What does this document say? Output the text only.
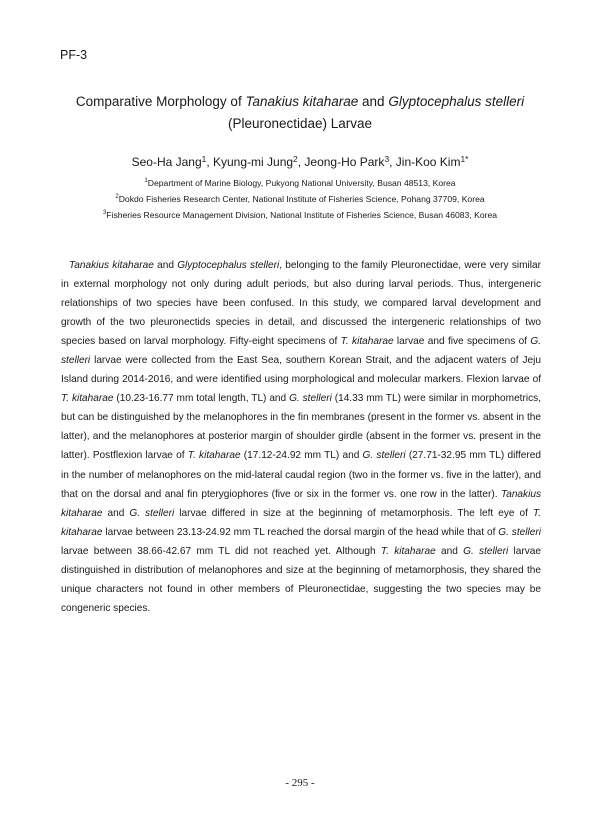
PF-3
Comparative Morphology of Tanakius kitaharae and Glyptocephalus stelleri
(Pleuronectidae) Larvae
Seo-Ha Jang$^1$, Kyung-mi Jung$^2$, Jeong-Ho Park$^3$, Jin-Koo Kim$^{1*}$
$^1$Department of Marine Biology, Pukyong National University, Busan 48513, Korea
$^2$Dokdo Fisheries Research Center, National Institute of Fisheries Science, Pohang 37709, Korea
$^3$Fisheries Resource Management Division, National Institute of Fisheries Science, Busan 46083, Korea

Tanakius kitaharae and Glyptocephalus stelleri, belonging to the family Pleuronectidae, were very similar in external morphology not only during adult periods, but also during larval periods. Thus, intergeneric relationships of two species have been confused. In this study, we compared larval development and growth of the two pleuronectids species in detail, and discussed the intergeneric relationships of two species based on larval morphology. Fifty-eight specimens of T. kitaharae larvae and five specimens of G. stelleri larvae were collected from the East Sea, southern Korean Strait, and the adjacent waters of Jeju Island during 2014-2016, and were identified using morphological and molecular markers. Flexion larvae of T. kitaharae (10.23-16.77 mm total length, TL) and G. stelleri (14.33 mm TL) were similar in morphometrics, but can be distinguished by the melanophores in the fin membranes (present in the former vs. absent in the latter), and the melanophores at posterior margin of shoulder girdle (absent in the former vs. present in the latter). Postflexion larvae of T. kitaharae (17.12-24.92 mm TL) and G. stelleri (27.71-32.95 mm TL) differed in the number of melanophores on the mid-lateral caudal region (two in the former vs. five in the latter), and that on the dorsal and anal fin pterygiophores (five or six in the former vs. one row in the latter). Tanakius kitaharae and G. stelleri larvae differed in size at the beginning of metamorphosis. The left eye of T. kitaharae larvae between 23.13-24.92 mm TL reached the dorsal margin of the head while that of G. stelleri larvae between 38.66-42.67 mm TL did not reached yet. Although T. kitaharae and G. stelleri larvae distinguished in distribution of melanophores and size at the beginning of metamorphosis, they shared the unique characters not found in other members of Pleuronectidae, suggesting the two species may be congeneric species.

- 295 -
